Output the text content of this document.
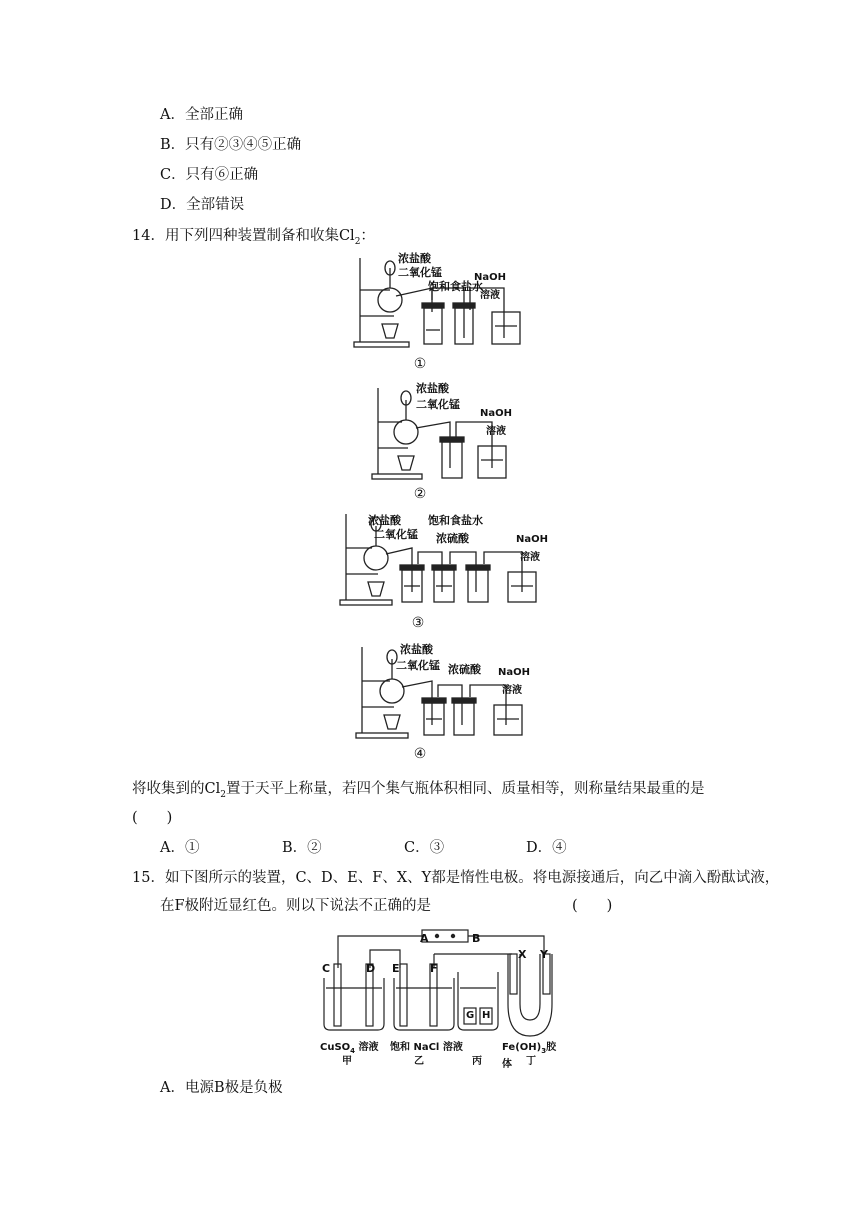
A．全部正确
B．只有②③④⑤正确
C．只有⑥正确
D．全部错误
14．用下列四种装置制备和收集$Cl_2$：
浓盐酸
二氧化锰
饱和食盐水
NaOH
溶液
①
浓盐酸
二氧化锰
NaOH
溶液
②
浓盐酸
二氧化锰
饱和食盐水
浓硫酸	NaOH
溶液
③
浓盐酸
二氧化锰 浓硫酸 NaOH
溶液
④
将收集到的$Cl_2$置于天平上称量，若四个集气瓶体积相同、质量相等，则称量结果最重的是
(　　)
A．①	B．②	C．③	D．④
15．如下图所示的装置，C、D、E、F、X、Y都是惰性电极。将电源接通后，向乙中滴入酚酞试液，
在F极附近显红色。则以下说法不正确的是	(　　)
A	B
C	D E	F
X Y
G H
CuSO$_4$ 溶液 饱和 NaCl 溶液	$Fe(OH)_3$胶体
甲	乙	丙	丁
A．电源B极是负极
